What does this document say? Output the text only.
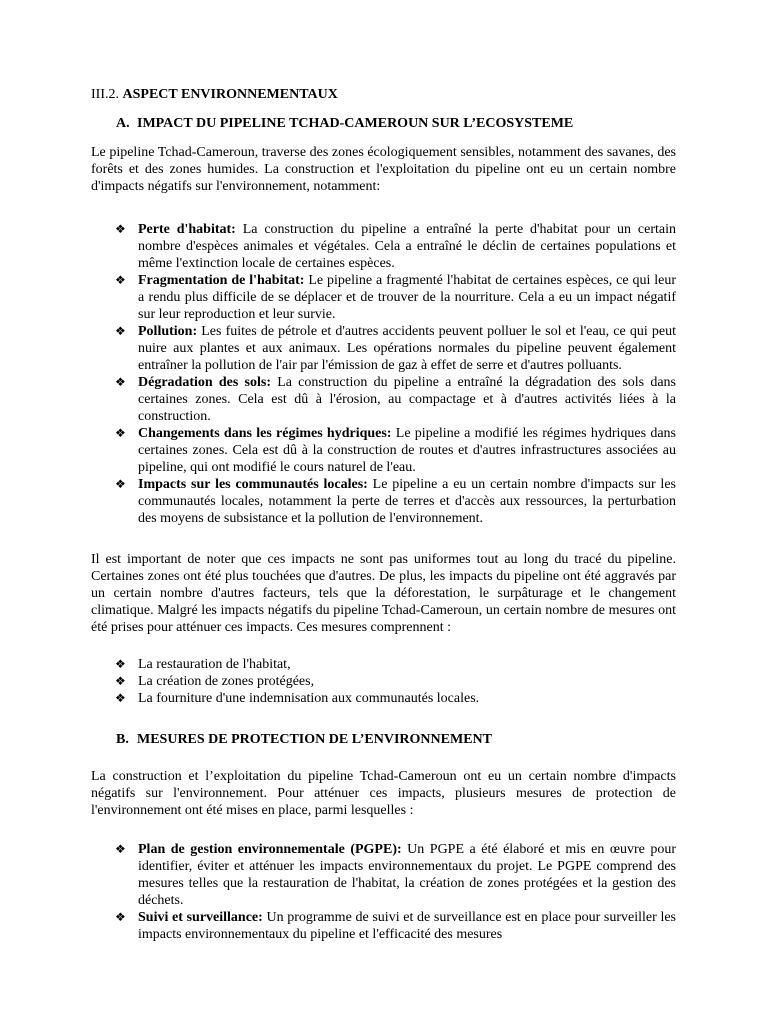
III.2. ASPECT ENVIRONNEMENTAUX

A. IMPACT DU PIPELINE TCHAD-CAMEROUN SUR L’ECOSYSTEME

Le pipeline Tchad-Cameroun, traverse des zones écologiquement sensibles, notamment des savanes, des forêts et des zones humides. La construction et l'exploitation du pipeline ont eu un certain nombre d'impacts négatifs sur l'environnement, notamment:

❖ Perte d'habitat: La construction du pipeline a entraîné la perte d'habitat pour un certain nombre d'espèces animales et végétales. Cela a entraîné le déclin de certaines populations et même l'extinction locale de certaines espèces.
❖ Fragmentation de l'habitat: Le pipeline a fragmenté l'habitat de certaines espèces, ce qui leur a rendu plus difficile de se déplacer et de trouver de la nourriture. Cela a eu un impact négatif sur leur reproduction et leur survie.
❖ Pollution: Les fuites de pétrole et d'autres accidents peuvent polluer le sol et l'eau, ce qui peut nuire aux plantes et aux animaux. Les opérations normales du pipeline peuvent également entraîner la pollution de l'air par l'émission de gaz à effet de serre et d'autres polluants.
❖ Dégradation des sols: La construction du pipeline a entraîné la dégradation des sols dans certaines zones. Cela est dû à l'érosion, au compactage et à d'autres activités liées à la construction.
❖ Changements dans les régimes hydriques: Le pipeline a modifié les régimes hydriques dans certaines zones. Cela est dû à la construction de routes et d'autres infrastructures associées au pipeline, qui ont modifié le cours naturel de l'eau.
❖ Impacts sur les communautés locales: Le pipeline a eu un certain nombre d'impacts sur les communautés locales, notamment la perte de terres et d'accès aux ressources, la perturbation des moyens de subsistance et la pollution de l'environnement.

Il est important de noter que ces impacts ne sont pas uniformes tout au long du tracé du pipeline. Certaines zones ont été plus touchées que d'autres. De plus, les impacts du pipeline ont été aggravés par un certain nombre d'autres facteurs, tels que la déforestation, le surpâturage et le changement climatique. Malgré les impacts négatifs du pipeline Tchad-Cameroun, un certain nombre de mesures ont été prises pour atténuer ces impacts. Ces mesures comprennent :

❖ La restauration de l'habitat,
❖ La création de zones protégées,
❖ La fourniture d'une indemnisation aux communautés locales.

B. MESURES DE PROTECTION DE L’ENVIRONNEMENT

La construction et l’exploitation du pipeline Tchad-Cameroun ont eu un certain nombre d'impacts négatifs sur l'environnement. Pour atténuer ces impacts, plusieurs mesures de protection de l'environnement ont été mises en place, parmi lesquelles :

❖ Plan de gestion environnementale (PGPE): Un PGPE a été élaboré et mis en œuvre pour identifier, éviter et atténuer les impacts environnementaux du projet. Le PGPE comprend des mesures telles que la restauration de l'habitat, la création de zones protégées et la gestion des déchets.
❖ Suivi et surveillance: Un programme de suivi et de surveillance est en place pour surveiller les impacts environnementaux du pipeline et l'efficacité des mesures
